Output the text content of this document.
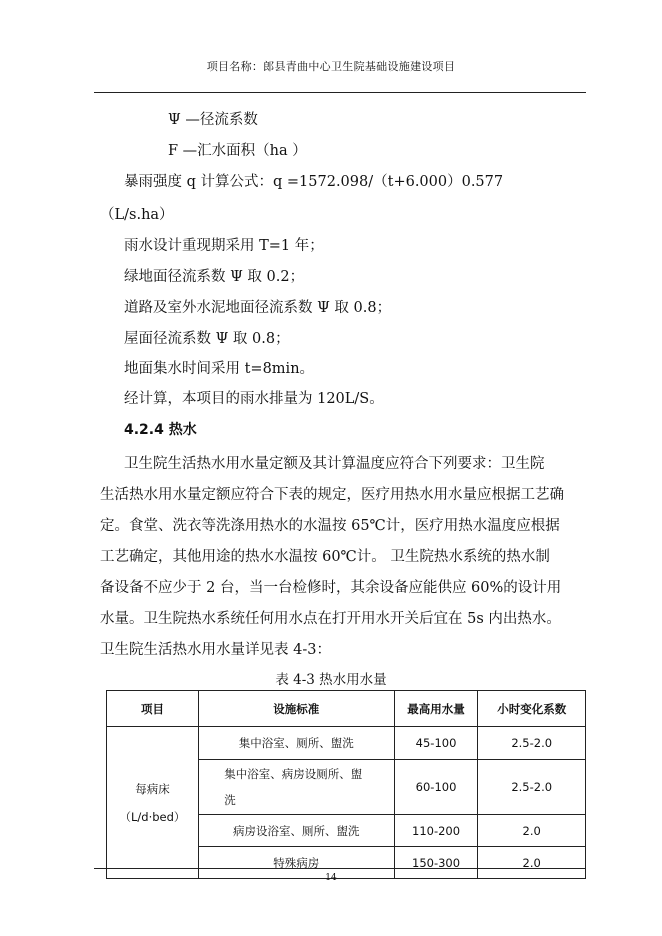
项目名称：郎县青曲中心卫生院基础设施建设项目
Ψ —径流系数
F —汇水面积（ha ）
暴雨强度 q 计算公式：q =1572.098/（t+6.000）0.577
（L/s.ha）
雨水设计重现期采用 T=1 年；
绿地面径流系数 Ψ 取 0.2；
道路及室外水泥地面径流系数 Ψ 取 0.8；
屋面径流系数 Ψ 取 0.8；
地面集水时间采用 t=8min。
经计算，本项目的雨水排量为 120L/S。
4.2.4 热水
卫生院生活热水用水量定额及其计算温度应符合下列要求：卫生院
生活热水用水量定额应符合下表的规定，医疗用热水用水量应根据工艺确
定。食堂、洗衣等洗涤用热水的水温按 65℃计，医疗用热水温度应根据
工艺确定，其他用途的热水水温按 60℃计。 卫生院热水系统的热水制
备设备不应少于 2 台，当一台检修时，其余设备应能供应 60%的设计用
水量。卫生院热水系统任何用水点在打开用水开关后宜在 5s 内出热水。
卫生院生活热水用水量详见表 4-3：
表 4-3 热水用水量
项目	设施标准	最高用水量	小时变化系数

每病床
（L/d·bed）	集中浴室、厕所、盥洗	45-100	2.5-2.0

	集中浴室、病房设厕所、盥洗	60-100	2.5-2.0
	病房设浴室、厕所、盥洗	110-200	2.0
	特殊病房	150-300	2.0
14
